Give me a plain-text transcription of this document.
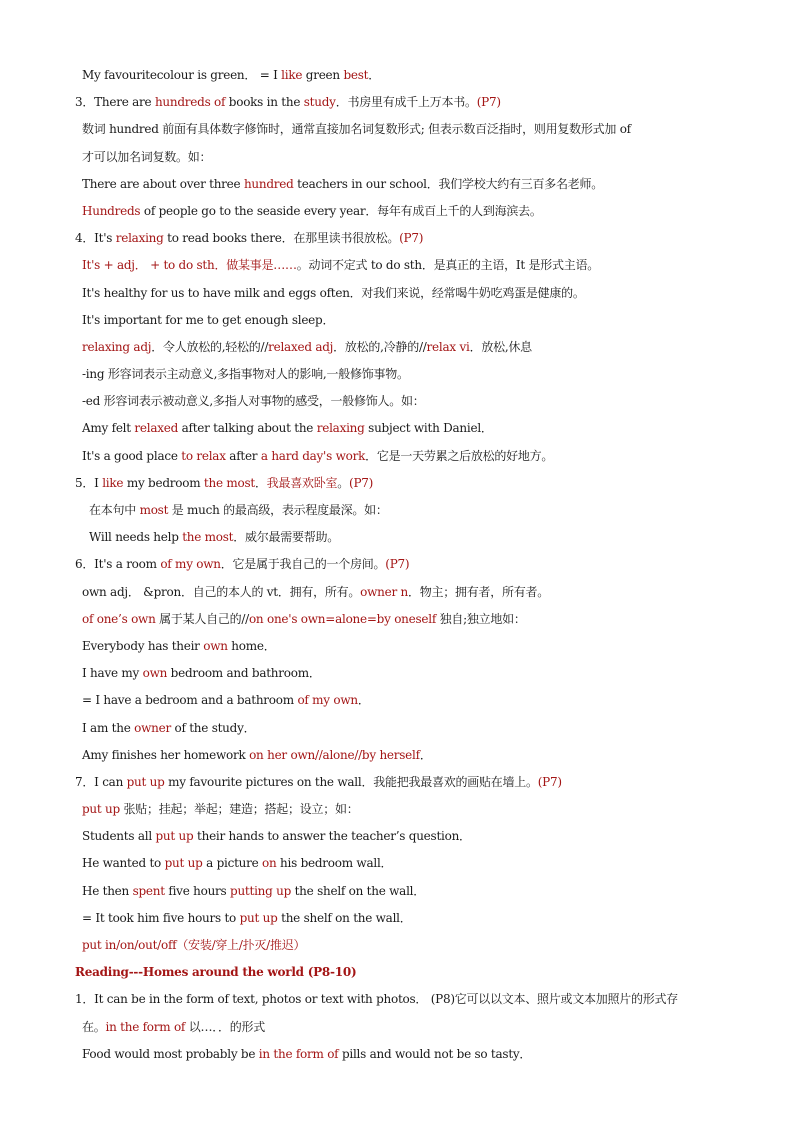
My favouritecolour is green． = I like green best．
3．There are hundreds of books in the study．书房里有成千上万本书。(P7)
数词 hundred 前面有具体数字修饰时，通常直接加名词复数形式; 但表示数百泛指时，则用复数形式加 of
才可以加名词复数。如：
There are about over three hundred teachers in our school．我们学校大约有三百多名老师。
Hundreds of people go to the seaside every year．每年有成百上千的人到海滨去。
4．It's relaxing to read books there．在那里读书很放松。(P7)
It's + adj． + to do sth．做某事是……。动词不定式 to do sth．是真正的主语，It 是形式主语。
It's healthy for us to have milk and eggs often．对我们来说，经常喝牛奶吃鸡蛋是健康的。
It's important for me to get enough sleep．
relaxing adj．令人放松的,轻松的//relaxed adj．放松的,冷静的//relax vi．放松,休息
-ing 形容词表示主动意义,多指事物对人的影响,一般修饰事物。
-ed 形容词表示被动意义,多指人对事物的感受，一般修饰人。如：
Amy felt relaxed after talking about the relaxing subject with Daniel．
It's a good place to relax after a hard day's work．它是一天劳累之后放松的好地方。
5．I like my bedroom the most．我最喜欢卧室。(P7)
在本句中 most 是 much 的最高级，表示程度最深。如：
Will needs help the most．威尔最需要帮助。
6．It's a room of my own．它是属于我自己的一个房间。(P7)
own adj． &pron．自己的本人的 vt．拥有，所有。owner n．物主；拥有者，所有者。
of one’s own 属于某人自己的//on one's own=alone=by oneself 独自;独立地如：
Everybody has their own home．
I have my own bedroom and bathroom．
= I have a bedroom and a bathroom of my own．
I am the owner of the study．
Amy finishes her homework on her own//alone//by herself．
7．I can put up my favourite pictures on the wall．我能把我最喜欢的画贴在墙上。(P7)
put up 张贴；挂起；举起；建造；搭起；设立；如：
Students all put up their hands to answer the teacher’s question．
He wanted to put up a picture on his bedroom wall．
He then spent five hours putting up the shelf on the wall．
= It took him five hours to put up the shelf on the wall．
put in/on/out/off（安装/穿上/扑灭/推迟）
Reading---Homes around the world (P8-10)
1．It can be in the form of text, photos or text with photos． (P8)它可以以文本、照片或文本加照片的形式存
在。in the form of 以…．．的形式
Food would most probably be in the form of pills and would not be so tasty．
